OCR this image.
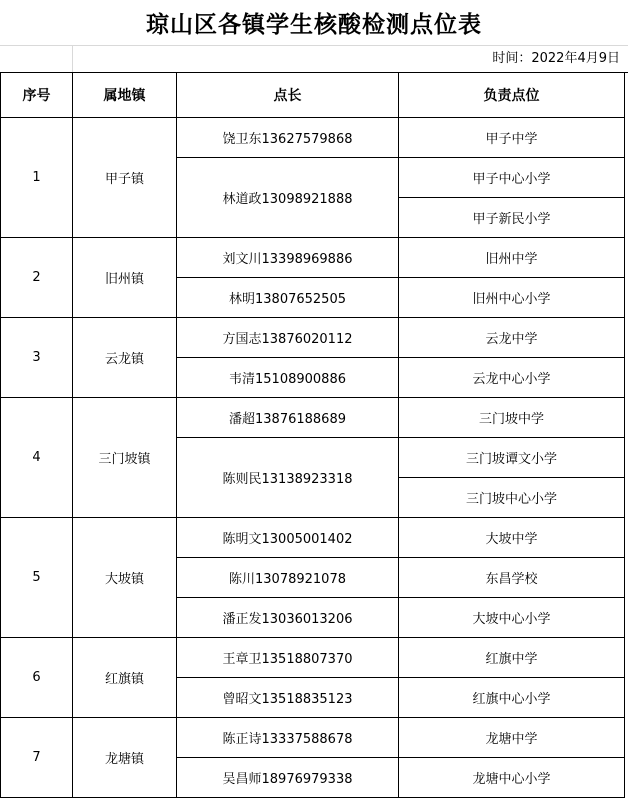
琼山区各镇学生核酸检测点位表
时间：2022年4月9日
序号	属地镇	点长	负责点位
1	甲子镇	饶卫东13627579868	甲子中学
		林道政13098921888	甲子中心小学
			甲子新民小学
2	旧州镇	刘文川13398969886	旧州中学
		林明13807652505	旧州中心小学
3	云龙镇	方国志13876020112	云龙中学
		韦清15108900886	云龙中心小学
4	三门坡镇	潘超13876188689	三门坡中学
		陈则民13138923318	三门坡谭文小学
			三门坡中心小学
5	大坡镇	陈明文13005001402	大坡中学
		陈川13078921078	东昌学校
		潘正发13036013206	大坡中心小学
6	红旗镇	王章卫13518807370	红旗中学
		曾昭文13518835123	红旗中心小学
7	龙塘镇	陈正诗13337588678	龙塘中学
		吴昌师18976979338	龙塘中心小学
